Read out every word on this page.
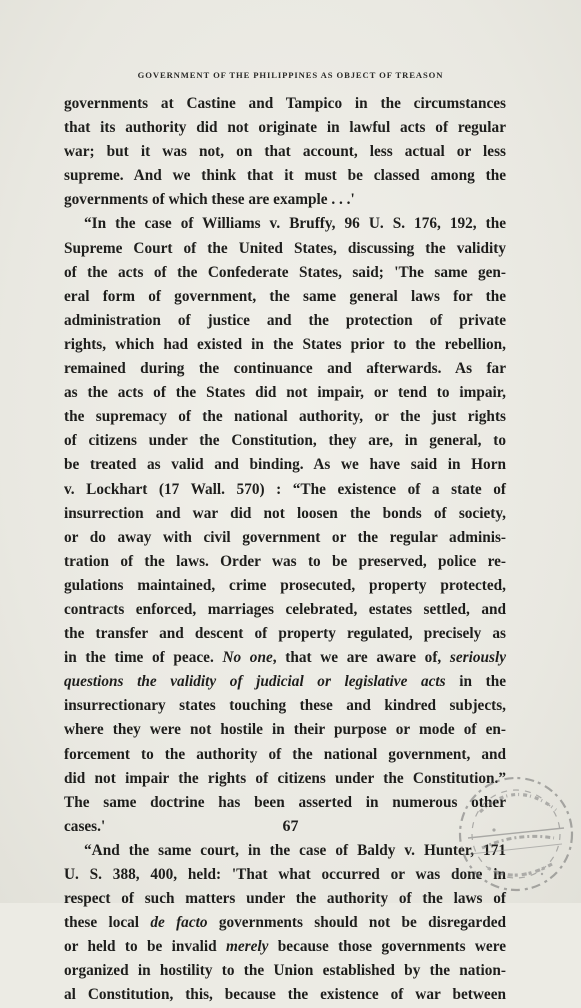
GOVERNMENT OF THE PHILIPPINES AS OBJECT OF TREASON
governments at Castine and Tampico in the circumstances
that its authority did not originate in lawful acts of regular
war; but it was not, on that account, less actual or less
supreme. And we think that it must be classed among the
governments of which these are example . . .'
“In the case of Williams v. Bruffy, 96 U. S. 176, 192, the
Supreme Court of the United States, discussing the validity
of the acts of the Confederate States, said; 'The same gen-
eral form of government, the same general laws for the
administration of justice and the protection of private
rights, which had existed in the States prior to the rebellion,
remained during the continuance and afterwards. As far
as the acts of the States did not impair, or tend to impair,
the supremacy of the national authority, or the just rights
of citizens under the Constitution, they are, in general, to
be treated as valid and binding. As we have said in Horn
v. Lockhart (17 Wall. 570) : “The existence of a state of
insurrection and war did not loosen the bonds of society,
or do away with civil government or the regular adminis-
tration of the laws. Order was to be preserved, police re-
gulations maintained, crime prosecuted, property protected,
contracts enforced, marriages celebrated, estates settled, and
the transfer and descent of property regulated, precisely as
in the time of peace. No one, that we are aware of, seriously
questions the validity of judicial or legislative acts in the
insurrectionary states touching these and kindred subjects,
where they were not hostile in their purpose or mode of en-
forcement to the authority of the national government, and
did not impair the rights of citizens under the Constitution.”
The same doctrine has been asserted in numerous other
cases.'
“And the same court, in the case of Baldy v. Hunter, 171
U. S. 388, 400, held: 'That what occurred or was done in
respect of such matters under the authority of the laws of
these local de facto governments should not be disregarded
or held to be invalid merely because those governments were
organized in hostility to the Union established by the nation-
al Constitution, this, because the existence of war between
67
